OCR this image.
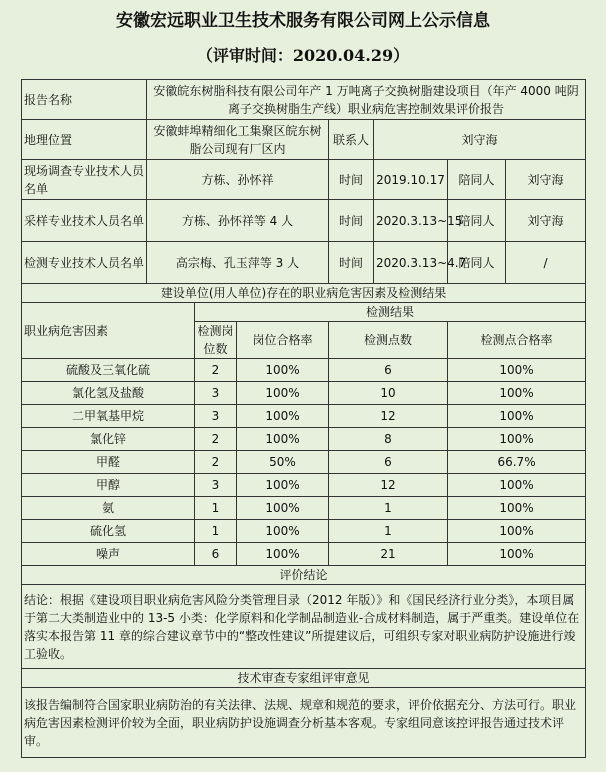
安徽宏远职业卫生技术服务有限公司网上公示信息
（评审时间：2020.04.29）
报告名称	安徽皖东树脂科技有限公司年产 1 万吨离子交换树脂建设项目（年产 4000 吨阴离子交换树脂生产线）职业病危害控制效果评价报告						
地理位置	安徽蚌埠精细化工集聚区皖东树脂公司现有厂区内			联系人	刘守海		
现场调查专业技术人员名单	方栋、孙怀祥			时间	2019.10.17	陪同人	刘守海
采样专业技术人员名单	方栋、孙怀祥等 4 人			时间	2020.3.13~15	陪同人	刘守海
检测专业技术人员名单	高宗梅、孔玉萍等 3 人			时间	2020.3.13~4.7	陪同人	/
建设单位(用人单位)存在的职业病危害因素及检测结果							
职业病危害因素		检测结果					
		检测岗位数	岗位合格率	检测点数		检测点合格率	
硫酸及三氧化硫		2	100%	6		100%	
氯化氢及盐酸		3	100%	10		100%	
二甲氧基甲烷		3	100%	12		100%	
氯化锌		2	100%	8		100%	
甲醛		2	50%	6		66.7%	
甲醇		3	100%	12		100%	
氨		1	100%	1		100%	
硫化氢		1	100%	1		100%	
噪声		6	100%	21		100%	
评价结论							
结论：根据《建设项目职业病危害风险分类管理目录（2012 年版）》和《国民经济行业分类》，本项目属于第二大类制造业中的 13-5 小类：化学原料和化学制品制造业-合成材料制造，属于严重类。建设单位在落实本报告第 11 章的综合建议章节中的“整改性建议”所提建议后，可组织专家对职业病防护设施进行竣工验收。							
技术审查专家组评审意见							
该报告编制符合国家职业病防治的有关法律、法规、规章和规范的要求，评价依据充分、方法可行。职业病危害因素检测评价较为全面，职业病防护设施调查分析基本客观。专家组同意该控评报告通过技术评审。							
